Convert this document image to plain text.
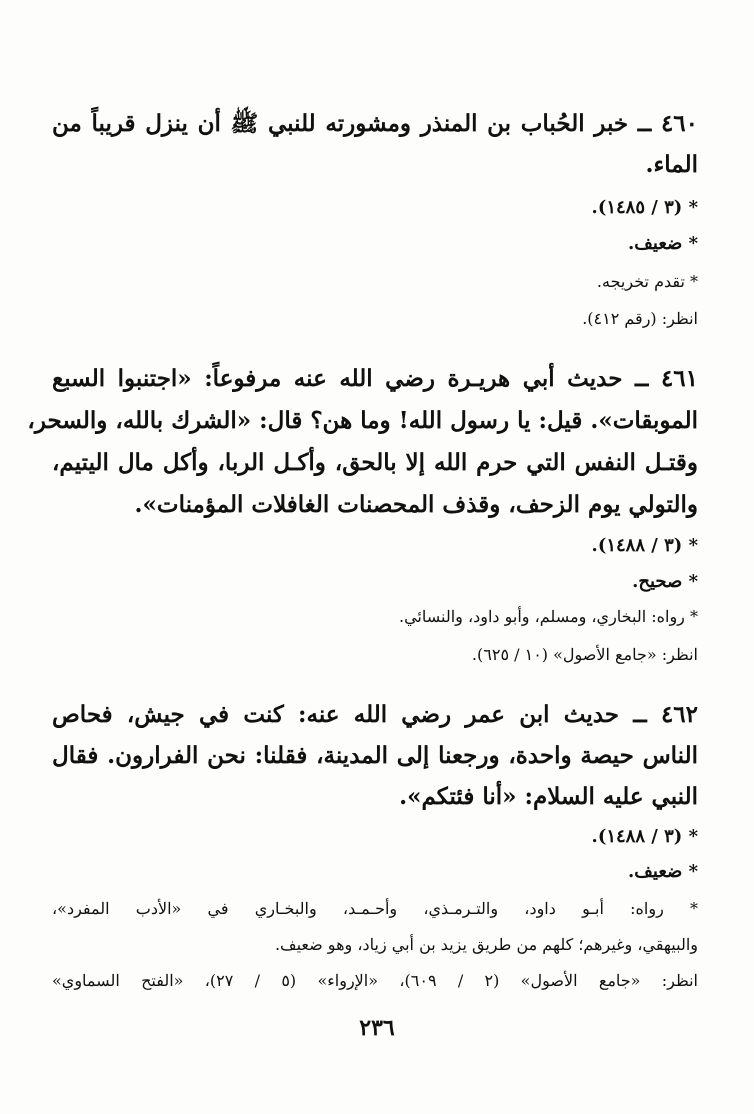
٤٦٠ ــ خبر الحُباب بن المنذر ومشورته للنبي ﷺ أن ينزل قريباً من
الماء.
* (٣ / ١٤٨٥).
* ضعيف.
* تقدم تخريجه.
انظر: (رقم ٤١٢).
٤٦١ ــ حديث أبي هريـرة رضي الله عنه مرفوعاً: «اجتنبوا السبع
الموبقات». قيل: يا رسول الله! وما هن؟ قال: «الشرك بالله، والسحر،
وقتـل النفس التي حرم الله إلا بالحق، وأكـل الربا، وأكل مال اليتيم،
والتولي يوم الزحف، وقذف المحصنات الغافلات المؤمنات».
* (٣ / ١٤٨٨).
* صحيح.
* رواه: البخاري، ومسلم، وأبو داود، والنسائي.
انظر: «جامع الأصول» (١٠ / ٦٢٥).
٤٦٢ ــ حديث ابن عمر رضي الله عنه: كنت في جيش، فحاص
الناس حيصة واحدة، ورجعنا إلى المدينة، فقلنا: نحن الفرارون. فقال
النبي عليه السلام: «أنا فئتكم».
* (٣ / ١٤٨٨).
* ضعيف.
* رواه: أبـو داود، والتـرمـذي، وأحـمـد، والبخـاري في «الأدب المفرد»،
والبيهقي، وغيرهم؛ كلهم من طريق يزيد بن أبي زياد، وهو ضعيف.
انظر: «جامع الأصول» (٢ / ٦٠٩)، «الإرواء» (٥ / ٢٧)، «الفتح السماوي»
٢٣٦
